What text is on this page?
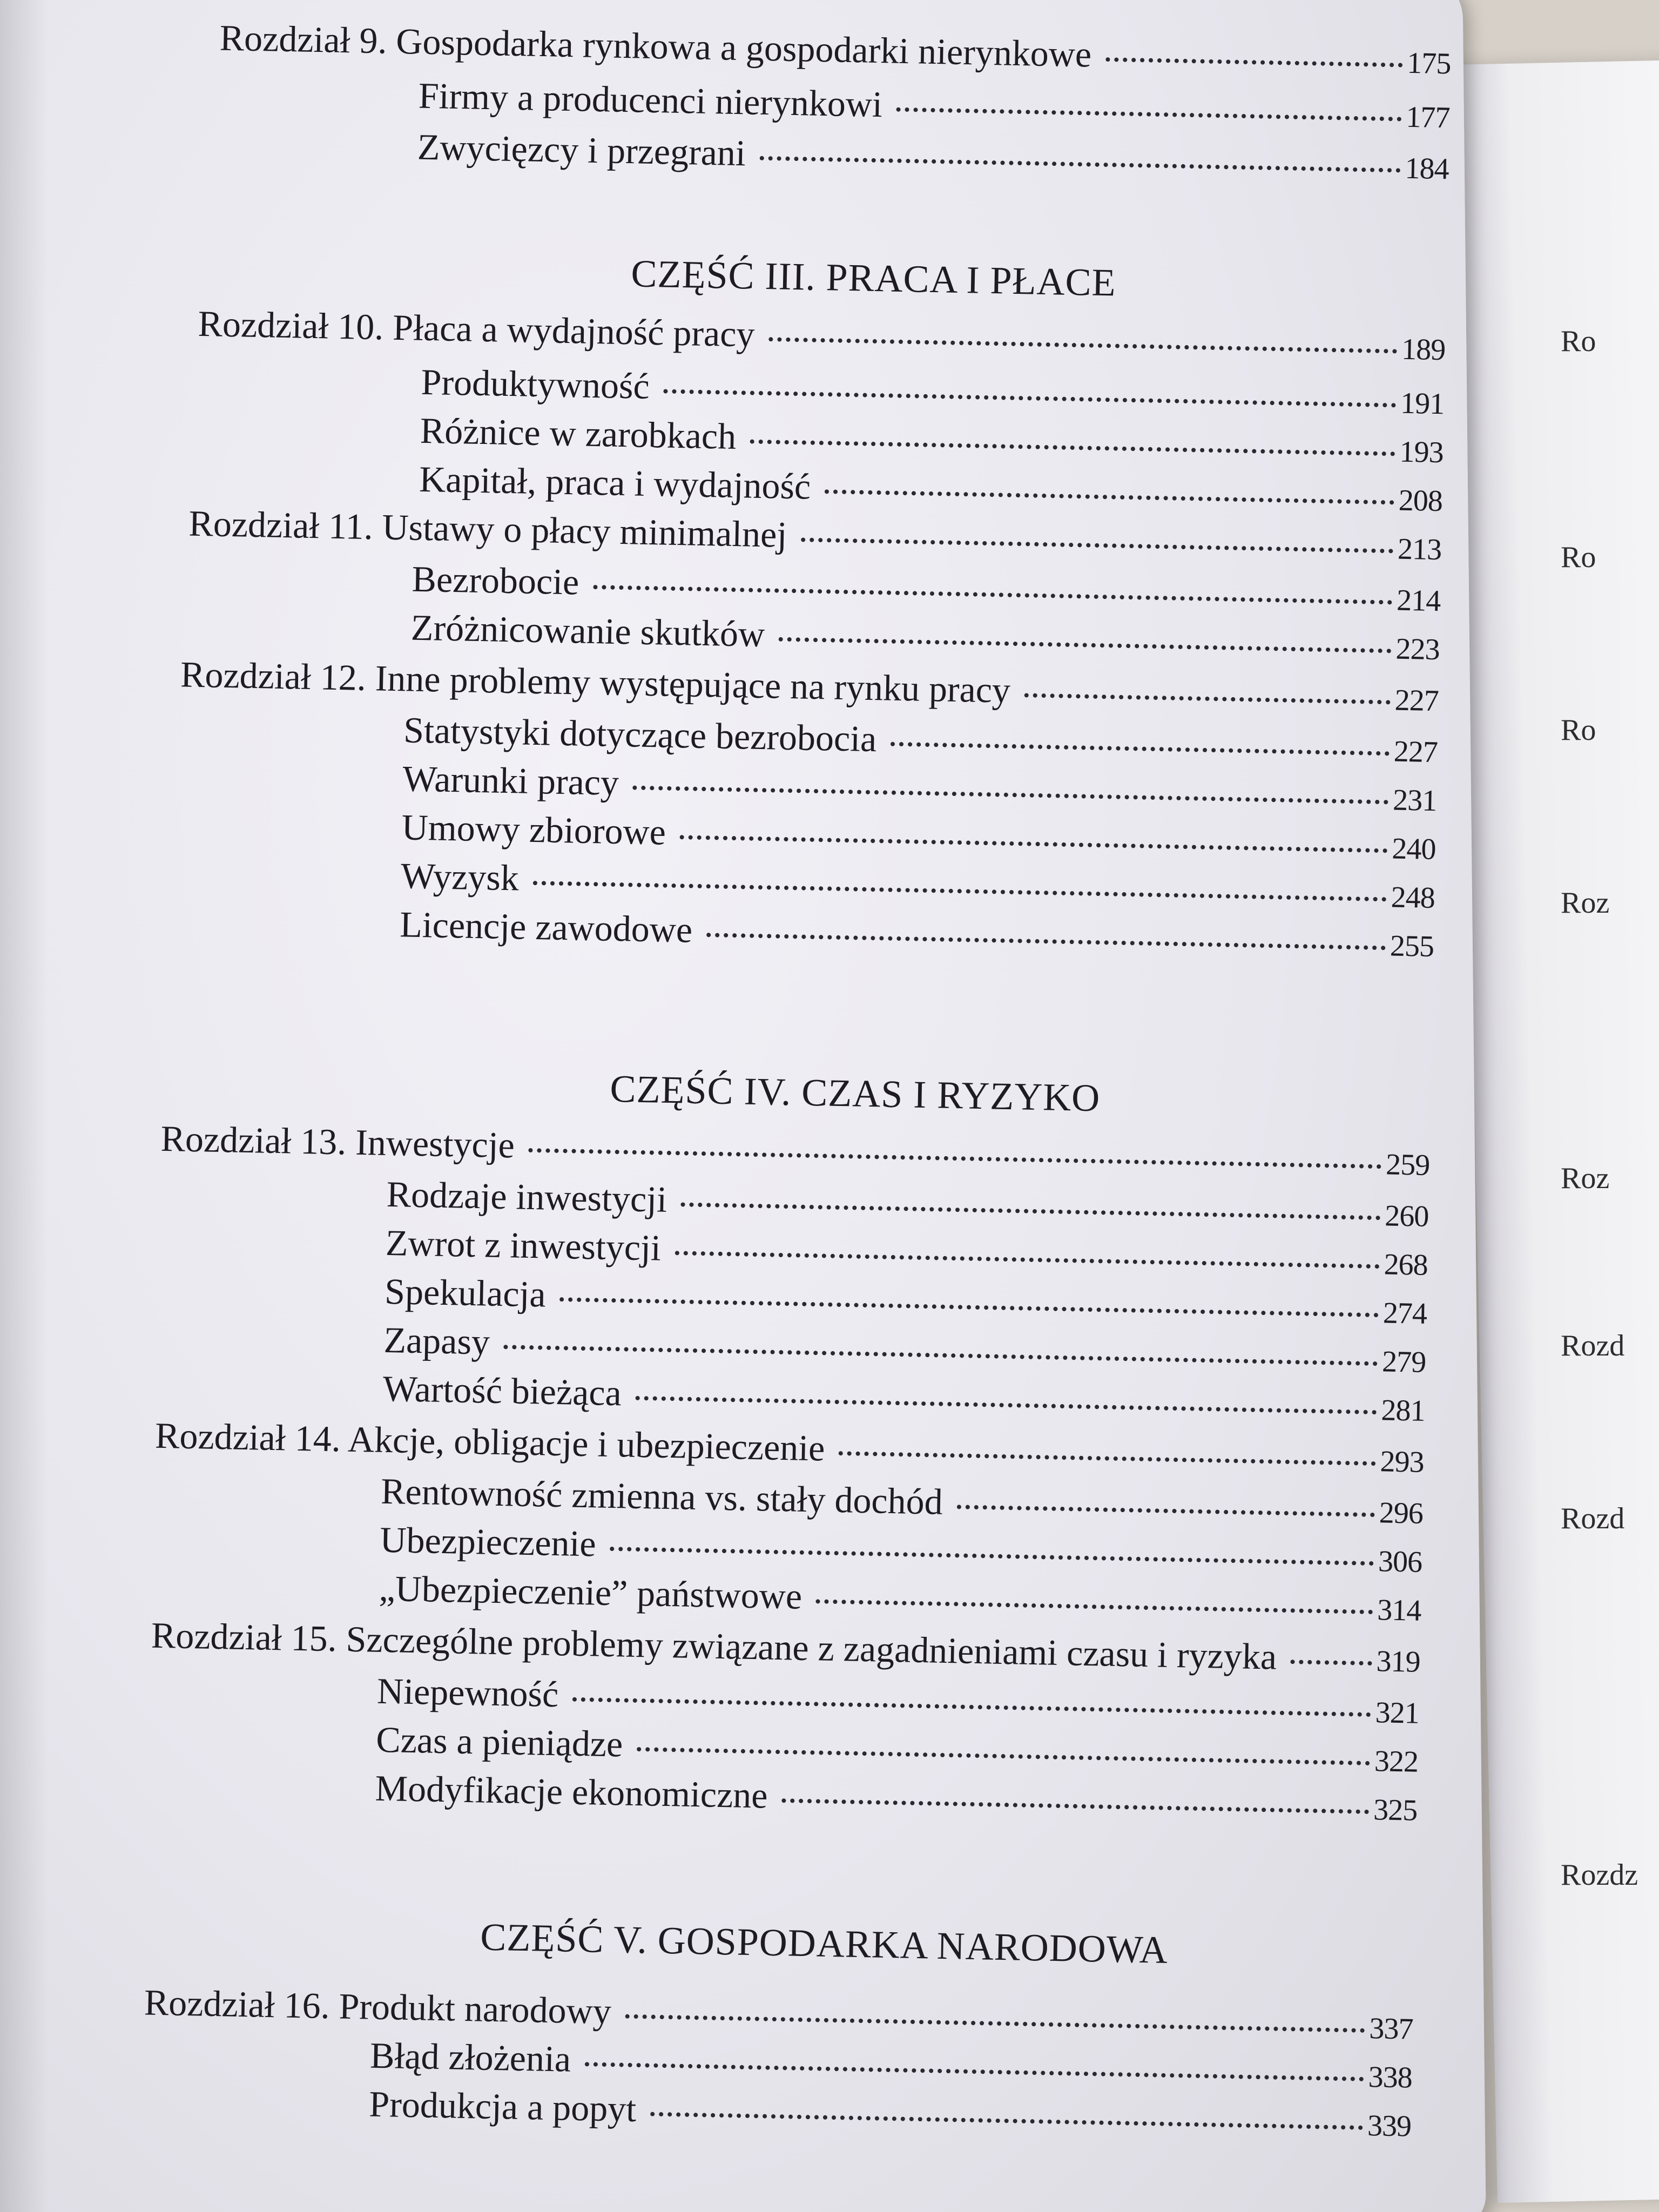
Ro
Ro
Ro
Roz
Roz
Rozd
Rozd
Rozdz
Rozdział 9. Gospodarka rynkowa a gospodarki nierynkowe	175
Firmy a producenci nierynkowi	177
Zwycięzcy i przegrani	184
CZĘŚĆ III. PRACA I PŁACE
Rozdział 10. Płaca a wydajność pracy	189
Produktywność	191
Różnice w zarobkach	193
Kapitał, praca i wydajność	208
Rozdział 11. Ustawy o płacy minimalnej	213
Bezrobocie	214
Zróżnicowanie skutków	223
Rozdział 12. Inne problemy występujące na rynku pracy	227
Statystyki dotyczące bezrobocia	227
Warunki pracy	231
Umowy zbiorowe	240
Wyzysk	248
Licencje zawodowe	255
CZĘŚĆ IV. CZAS I RYZYKO
Rozdział 13. Inwestycje	259
Rodzaje inwestycji	260
Zwrot z inwestycji	268
Spekulacja	274
Zapasy	279
Wartość bieżąca	281
Rozdział 14. Akcje, obligacje i ubezpieczenie	293
Rentowność zmienna vs. stały dochód	296
Ubezpieczenie	306
„Ubezpieczenie” państwowe	314
Rozdział 15. Szczególne problemy związane z zagadnieniami czasu i ryzyka	319
Niepewność	321
Czas a pieniądze	322
Modyfikacje ekonomiczne	325
CZĘŚĆ V. GOSPODARKA NARODOWA
Rozdział 16. Produkt narodowy	337
Błąd złożenia	338
Produkcja a popyt	339
